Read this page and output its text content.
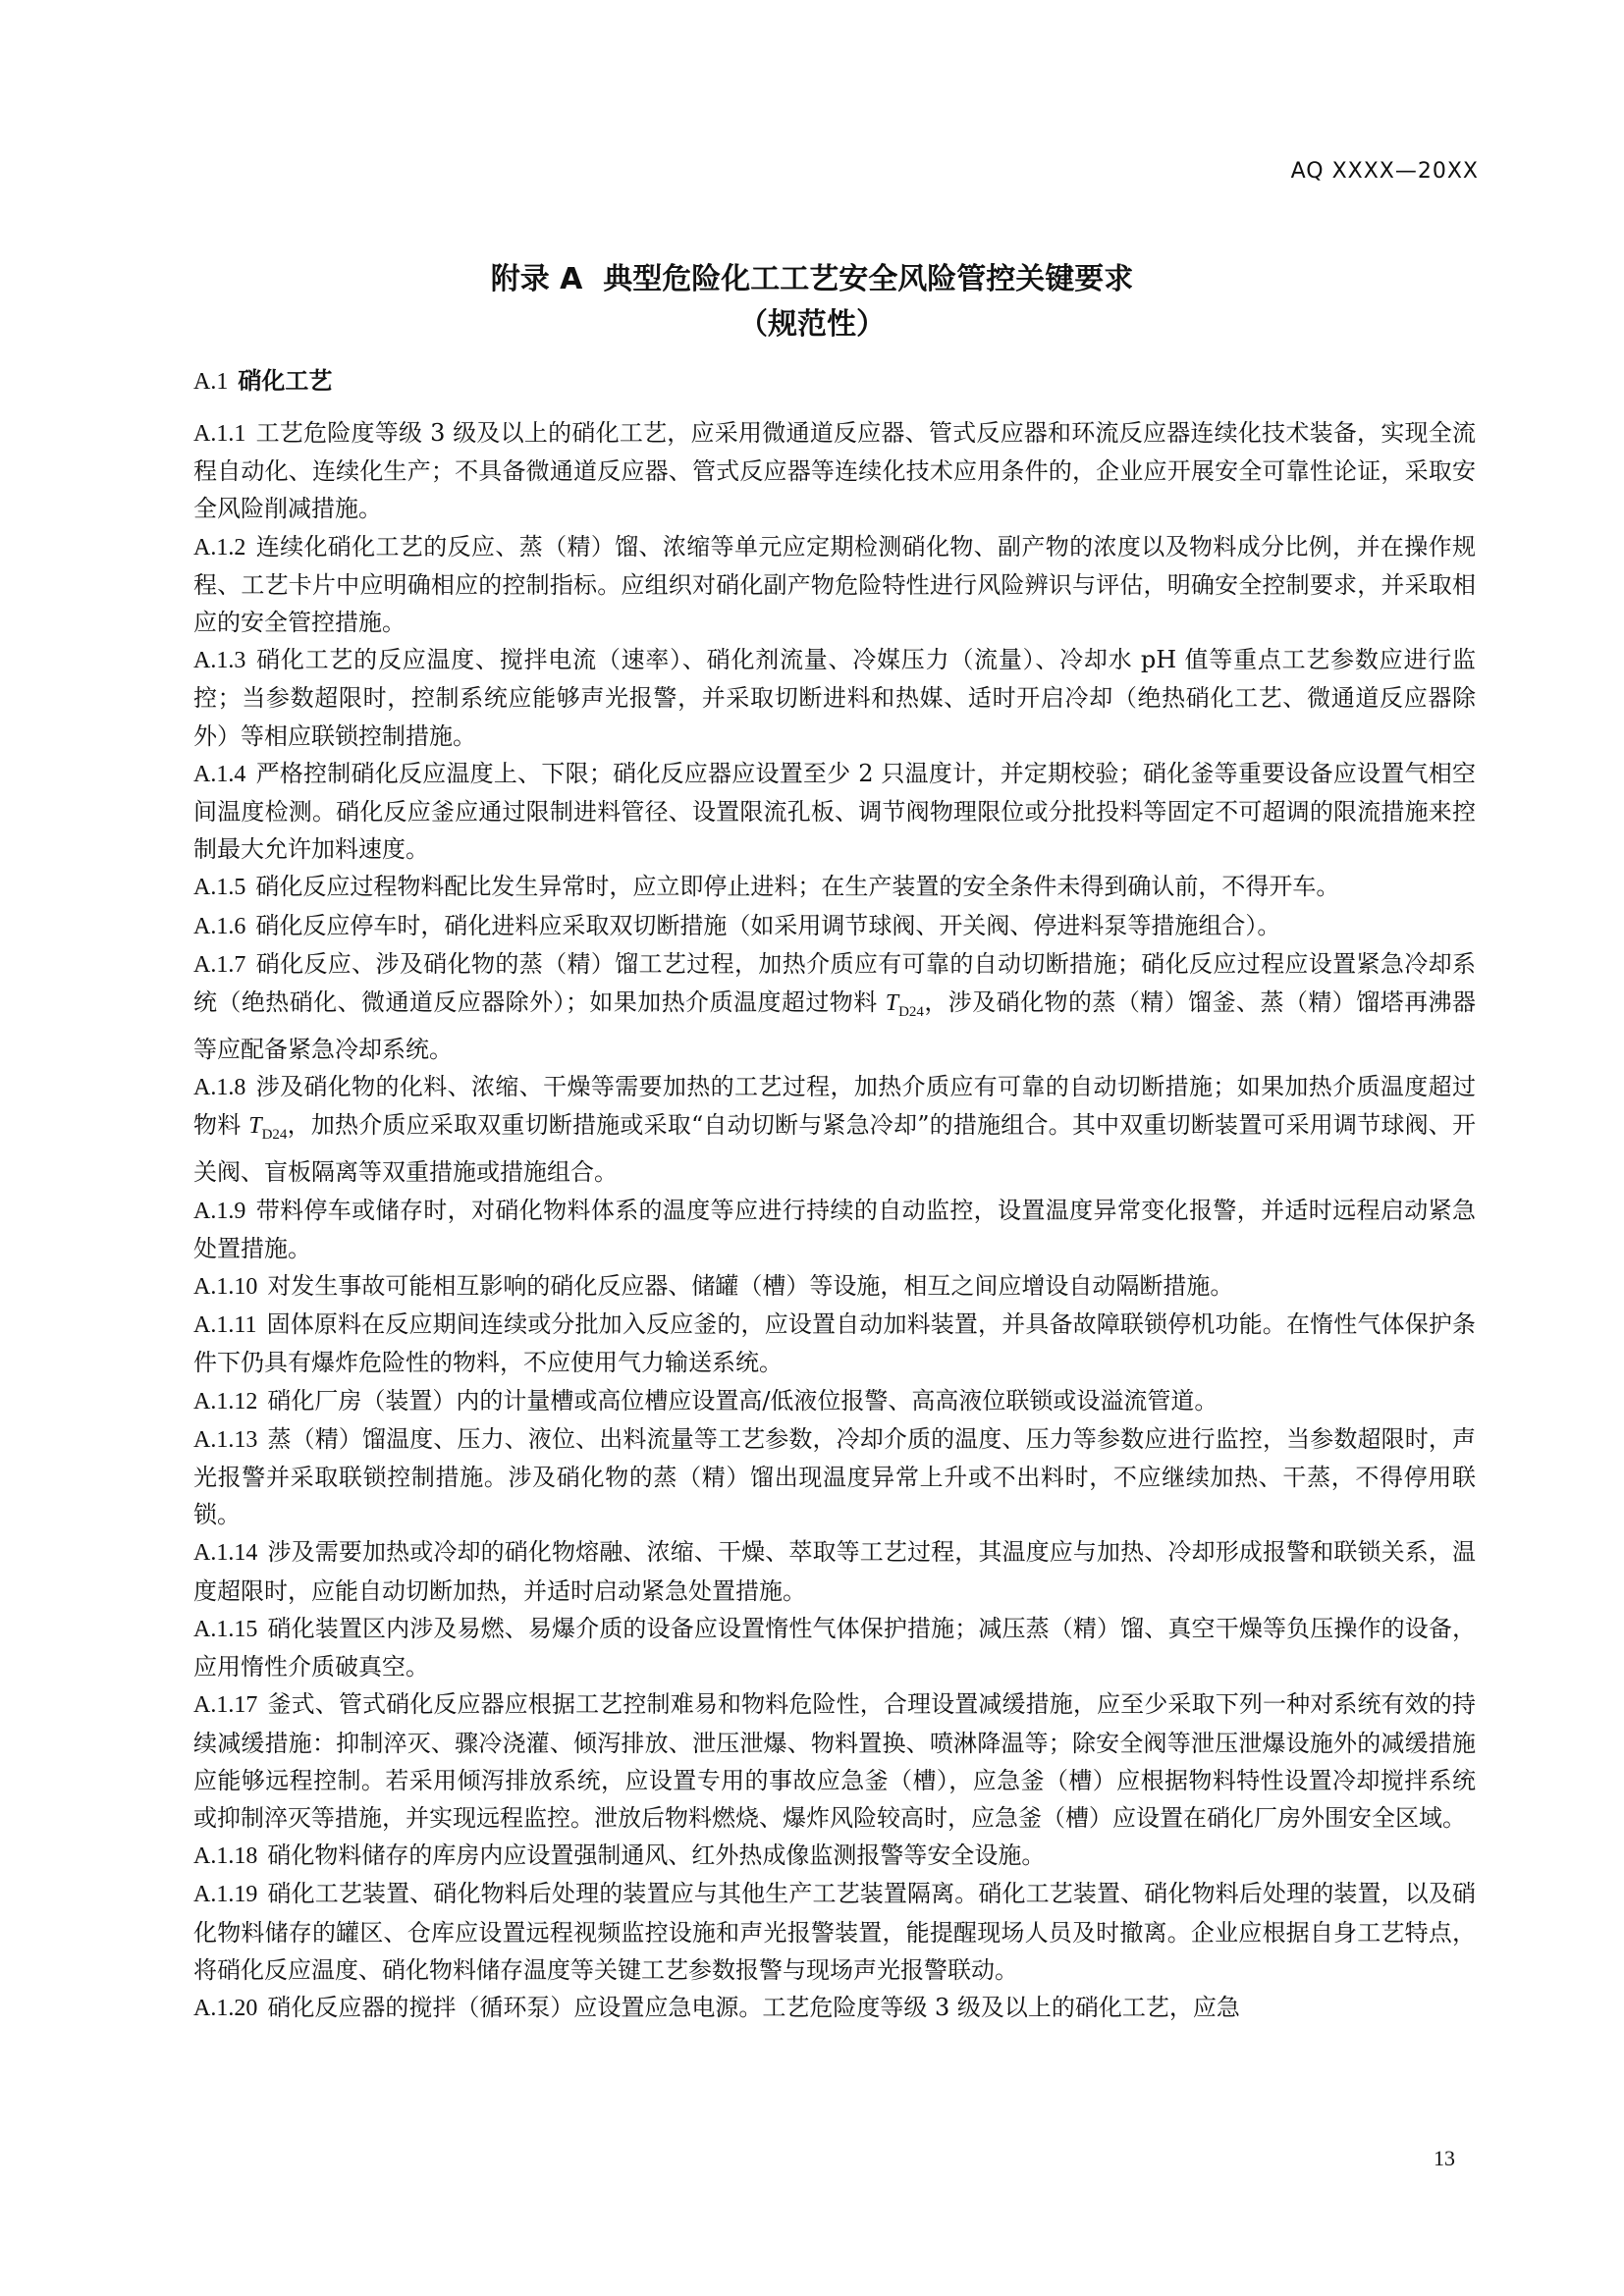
AQ XXXX—20XX
附录 A  典型危险化工工艺安全风险管控关键要求
（规范性）
A.1 硝化工艺

A.1.1 工艺危险度等级 3 级及以上的硝化工艺，应采用微通道反应器、管式反应器和环流反应器连续化技术装备，实现全流程自动化、连续化生产；不具备微通道反应器、管式反应器等连续化技术应用条件的，企业应开展安全可靠性论证，采取安全风险削减措施。

A.1.2 连续化硝化工艺的反应、蒸（精）馏、浓缩等单元应定期检测硝化物、副产物的浓度以及物料成分比例，并在操作规程、工艺卡片中应明确相应的控制指标。应组织对硝化副产物危险特性进行风险辨识与评估，明确安全控制要求，并采取相应的安全管控措施。

A.1.3 硝化工艺的反应温度、搅拌电流（速率）、硝化剂流量、冷媒压力（流量）、冷却水 pH 值等重点工艺参数应进行监控；当参数超限时，控制系统应能够声光报警，并采取切断进料和热媒、适时开启冷却（绝热硝化工艺、微通道反应器除外）等相应联锁控制措施。

A.1.4 严格控制硝化反应温度上、下限；硝化反应器应设置至少 2 只温度计，并定期校验；硝化釜等重要设备应设置气相空间温度检测。硝化反应釜应通过限制进料管径、设置限流孔板、调节阀物理限位或分批投料等固定不可超调的限流措施来控制最大允许加料速度。

A.1.5 硝化反应过程物料配比发生异常时，应立即停止进料；在生产装置的安全条件未得到确认前，不得开车。

A.1.6 硝化反应停车时，硝化进料应采取双切断措施（如采用调节球阀、开关阀、停进料泵等措施组合）。

A.1.7 硝化反应、涉及硝化物的蒸（精）馏工艺过程，加热介质应有可靠的自动切断措施；硝化反应过程应设置紧急冷却系统（绝热硝化、微通道反应器除外）；如果加热介质温度超过物料 $T_{D24}$，涉及硝化物的蒸（精）馏釜、蒸（精）馏塔再沸器等应配备紧急冷却系统。

A.1.8 涉及硝化物的化料、浓缩、干燥等需要加热的工艺过程，加热介质应有可靠的自动切断措施；如果加热介质温度超过物料 $T_{D24}$，加热介质应采取双重切断措施或采取“自动切断与紧急冷却”的措施组合。其中双重切断装置可采用调节球阀、开关阀、盲板隔离等双重措施或措施组合。

A.1.9 带料停车或储存时，对硝化物料体系的温度等应进行持续的自动监控，设置温度异常变化报警，并适时远程启动紧急处置措施。

A.1.10 对发生事故可能相互影响的硝化反应器、储罐（槽）等设施，相互之间应增设自动隔断措施。

A.1.11 固体原料在反应期间连续或分批加入反应釜的，应设置自动加料装置，并具备故障联锁停机功能。在惰性气体保护条件下仍具有爆炸危险性的物料，不应使用气力输送系统。

A.1.12 硝化厂房（装置）内的计量槽或高位槽应设置高/低液位报警、高高液位联锁或设溢流管道。

A.1.13 蒸（精）馏温度、压力、液位、出料流量等工艺参数，冷却介质的温度、压力等参数应进行监控，当参数超限时，声光报警并采取联锁控制措施。涉及硝化物的蒸（精）馏出现温度异常上升或不出料时，不应继续加热、干蒸，不得停用联锁。

A.1.14 涉及需要加热或冷却的硝化物熔融、浓缩、干燥、萃取等工艺过程，其温度应与加热、冷却形成报警和联锁关系，温度超限时，应能自动切断加热，并适时启动紧急处置措施。

A.1.15 硝化装置区内涉及易燃、易爆介质的设备应设置惰性气体保护措施；减压蒸（精）馏、真空干燥等负压操作的设备，应用惰性介质破真空。

A.1.17 釜式、管式硝化反应器应根据工艺控制难易和物料危险性，合理设置减缓措施，应至少采取下列一种对系统有效的持续减缓措施：抑制淬灭、骤冷浇灌、倾泻排放、泄压泄爆、物料置换、喷淋降温等；除安全阀等泄压泄爆设施外的减缓措施应能够远程控制。若采用倾泻排放系统，应设置专用的事故应急釜（槽），应急釜（槽）应根据物料特性设置冷却搅拌系统或抑制淬灭等措施，并实现远程监控。泄放后物料燃烧、爆炸风险较高时，应急釜（槽）应设置在硝化厂房外围安全区域。

A.1.18 硝化物料储存的库房内应设置强制通风、红外热成像监测报警等安全设施。

A.1.19 硝化工艺装置、硝化物料后处理的装置应与其他生产工艺装置隔离。硝化工艺装置、硝化物料后处理的装置，以及硝化物料储存的罐区、仓库应设置远程视频监控设施和声光报警装置，能提醒现场人员及时撤离。企业应根据自身工艺特点，将硝化反应温度、硝化物料储存温度等关键工艺参数报警与现场声光报警联动。

A.1.20 硝化反应器的搅拌（循环泵）应设置应急电源。工艺危险度等级 3 级及以上的硝化工艺，应急

13
